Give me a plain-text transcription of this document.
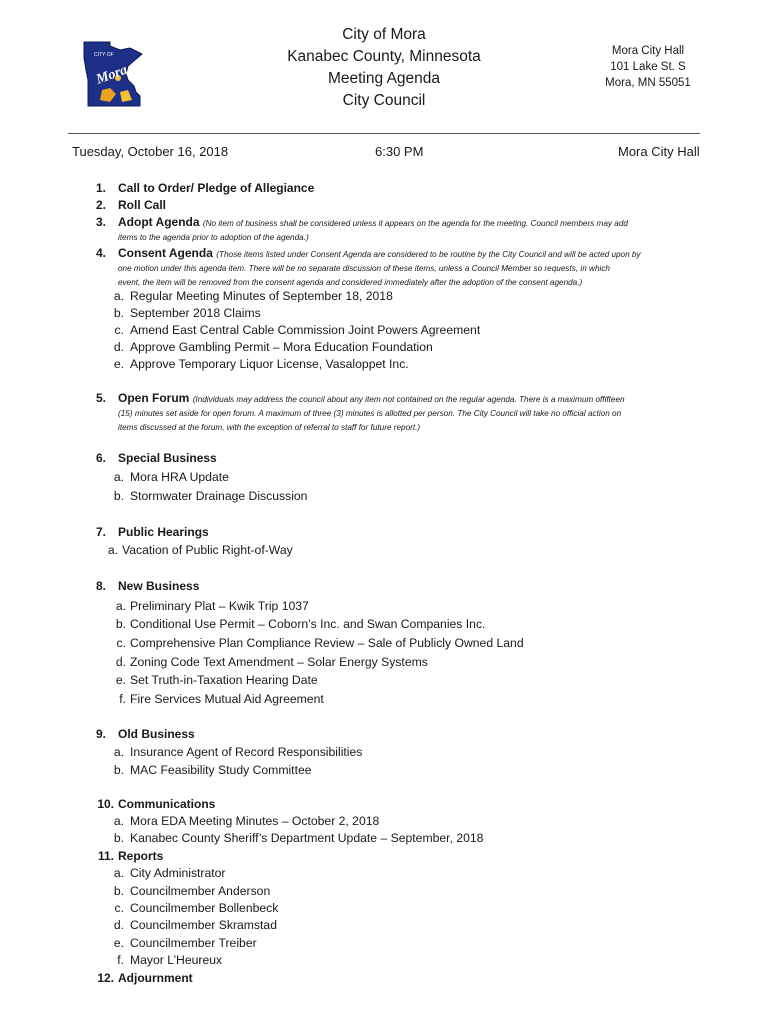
CITY OF
Mora
City of Mora
Kanabec County, Minnesota
Meeting Agenda
City Council
Mora City Hall
101 Lake St. S
Mora, MN 55051
Tuesday, October 16, 2018	6:30 PM	Mora City Hall
1. Call to Order/ Pledge of Allegiance
2. Roll Call
3. Adopt Agenda (No item of business shall be considered unless it appears on the agenda for the meeting. Council members may add
items to the agenda prior to adoption of the agenda.)
4. Consent Agenda (Those items listed under Consent Agenda are considered to be routine by the City Council and will be acted upon by
one motion under this agenda item. There will be no separate discussion of these items, unless a Council Member so requests, in which
event, the item will be removed from the consent agenda and considered immediately after the adoption of the consent agenda.)
a. Regular Meeting Minutes of September 18, 2018
b. September 2018 Claims
c. Amend East Central Cable Commission Joint Powers Agreement
d. Approve Gambling Permit – Mora Education Foundation
e. Approve Temporary Liquor License, Vasaloppet Inc.
5. Open Forum (Individuals may address the council about any item not contained on the regular agenda. There is a maximum offifteen
(15) minutes set aside for open forum. A maximum of three (3) minutes is allotted per person. The City Council will take no official action on
items discussed at the forum, with the exception of referral to staff for future report.)
6. Special Business
a. Mora HRA Update
b. Stormwater Drainage Discussion
7. Public Hearings
a. Vacation of Public Right-of-Way
8. New Business
a. Preliminary Plat – Kwik Trip 1037
b. Conditional Use Permit – Coborn’s Inc. and Swan Companies Inc.
c. Comprehensive Plan Compliance Review – Sale of Publicly Owned Land
d. Zoning Code Text Amendment – Solar Energy Systems
e. Set Truth-in-Taxation Hearing Date
f. Fire Services Mutual Aid Agreement
9. Old Business
a. Insurance Agent of Record Responsibilities
b. MAC Feasibility Study Committee
10. Communications
a. Mora EDA Meeting Minutes – October 2, 2018
b. Kanabec County Sheriff’s Department Update – September, 2018
11. Reports
a. City Administrator
b. Councilmember Anderson
c. Councilmember Bollenbeck
d. Councilmember Skramstad
e. Councilmember Treiber
f. Mayor L’Heureux
12. Adjournment
